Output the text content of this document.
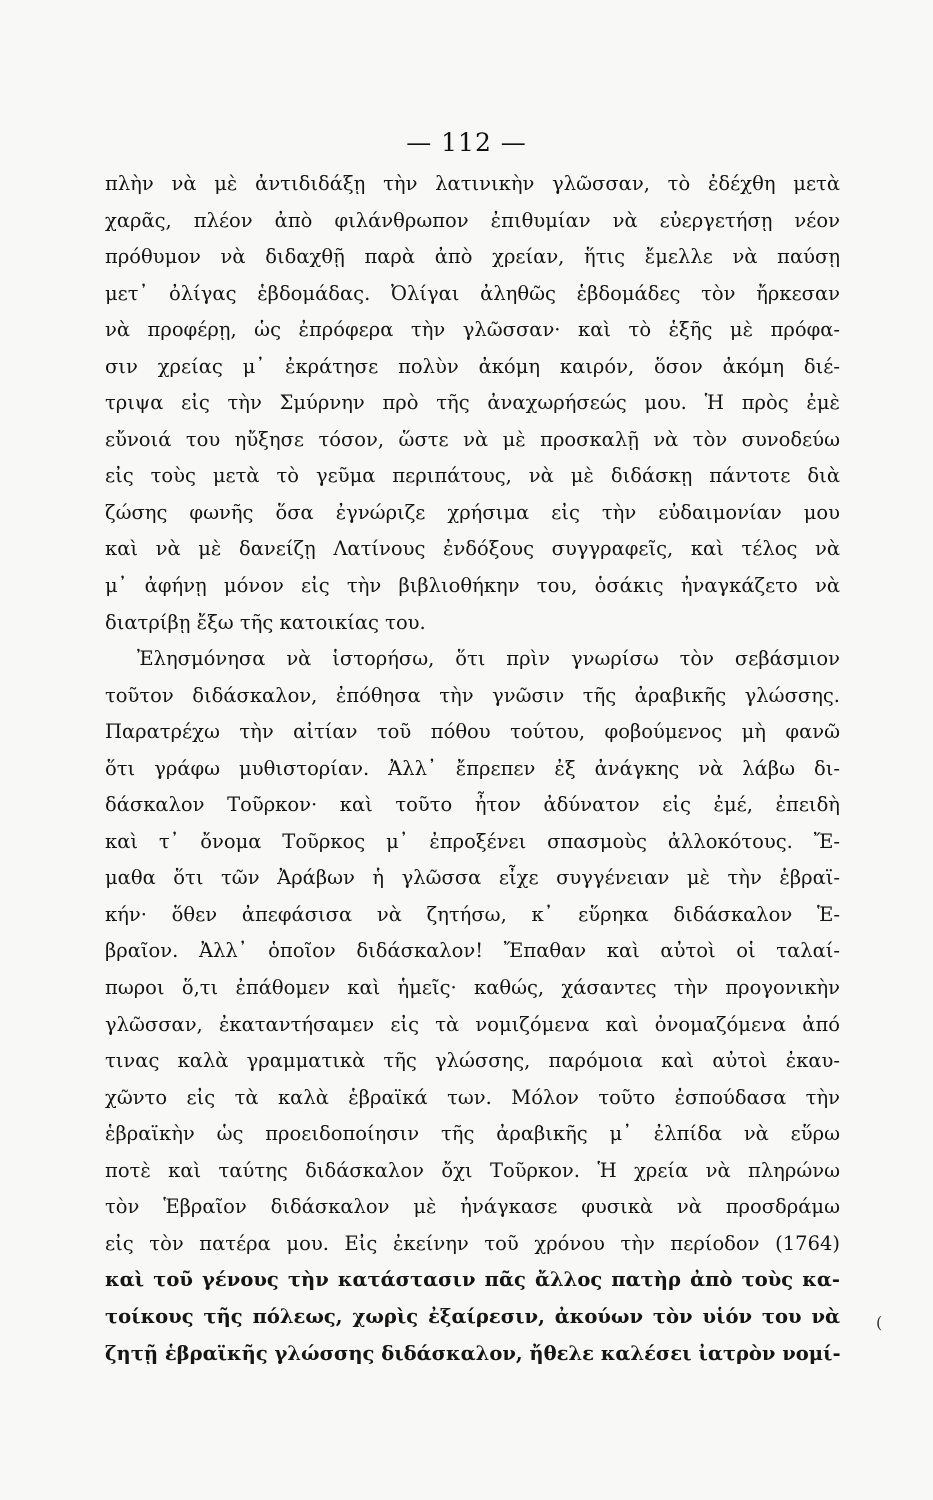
— 112 —
πλὴν νὰ μὲ ἀντιδιδάξῃ τὴν λατινικὴν γλῶσσαν, τὸ ἐδέχθη μετὰ
χαρᾶς, πλέον ἀπὸ φιλάνθρωπον ἐπιθυμίαν νὰ εὐεργετήσῃ νέον
πρόθυμον νὰ διδαχθῇ παρὰ ἀπὸ χρείαν, ἥτις ἔμελλε νὰ παύσῃ
μετ᾽ ὀλίγας ἑβδομάδας. Ὀλίγαι ἀληθῶς ἑβδομάδες τὸν ἤρκεσαν
νὰ προφέρῃ, ὡς ἐπρόφερα τὴν γλῶσσαν· καὶ τὸ ἑξῆς μὲ πρόφα-
σιν χρείας μ᾽ ἐκράτησε πολὺν ἀκόμη καιρόν, ὅσον ἀκόμη διέ-
τριψα εἰς τὴν Σμύρνην πρὸ τῆς ἀναχωρήσεώς μου. Ἡ πρὸς ἐμὲ
εὔνοιά του ηὔξησε τόσον, ὥστε νὰ μὲ προσκαλῇ νὰ τὸν συνοδεύω
εἰς τοὺς μετὰ τὸ γεῦμα περιπάτους, νὰ μὲ διδάσκῃ πάντοτε διὰ
ζώσης φωνῆς ὅσα ἐγνώριζε χρήσιμα εἰς τὴν εὐδαιμονίαν μου
καὶ νὰ μὲ δανείζῃ Λατίνους ἐνδόξους συγγραφεῖς, καὶ τέλος νὰ
μ᾽ ἀφήνῃ μόνον εἰς τὴν βιβλιοθήκην του, ὁσάκις ἠναγκάζετο νὰ
διατρίβῃ ἔξω τῆς κατοικίας του.
Ἐλησμόνησα νὰ ἱστορήσω, ὅτι πρὶν γνωρίσω τὸν σεβάσμιον
τοῦτον διδάσκαλον, ἐπόθησα τὴν γνῶσιν τῆς ἀραβικῆς γλώσσης.
Παρατρέχω τὴν αἰτίαν τοῦ πόθου τούτου, φοβούμενος μὴ φανῶ
ὅτι γράφω μυθιστορίαν. Ἀλλ᾽ ἔπρεπεν ἐξ ἀνάγκης νὰ λάβω δι-
δάσκαλον Τοῦρκον· καὶ τοῦτο ἦτον ἀδύνατον εἰς ἐμέ, ἐπειδὴ
καὶ τ᾽ ὄνομα Τοῦρκος μ᾽ ἐπροξένει σπασμοὺς ἀλλοκότους. Ἔ-
μαθα ὅτι τῶν Ἀράβων ἡ γλῶσσα εἶχε συγγένειαν μὲ τὴν ἑβραϊ-
κήν· ὅθεν ἀπεφάσισα νὰ ζητήσω, κ᾽ εὕρηκα διδάσκαλον Ἑ-
βραῖον. Ἀλλ᾽ ὁποῖον διδάσκαλον! Ἔπαθαν καὶ αὐτοὶ οἱ ταλαί-
πωροι ὅ,τι ἐπάθομεν καὶ ἡμεῖς· καθώς, χάσαντες τὴν προγονικὴν
γλῶσσαν, ἐκαταντήσαμεν εἰς τὰ νομιζόμενα καὶ ὀνομαζόμενα ἀπό
τινας καλὰ γραμματικὰ τῆς γλώσσης, παρόμοια καὶ αὐτοὶ ἐκαυ-
χῶντο εἰς τὰ καλὰ ἑβραϊκά των. Μόλον τοῦτο ἐσπούδασα τὴν
ἑβραϊκὴν ὡς προειδοποίησιν τῆς ἀραβικῆς μ᾽ ἐλπίδα νὰ εὕρω
ποτὲ καὶ ταύτης διδάσκαλον ὄχι Τοῦρκον. Ἡ χρεία νὰ πληρώνω
τὸν Ἑβραῖον διδάσκαλον μὲ ἠνάγκασε φυσικὰ νὰ προσδράμω
εἰς τὸν πατέρα μου. Εἰς ἐκείνην τοῦ χρόνου τὴν περίοδον (1764)
καὶ τοῦ γένους τὴν κατάστασιν πᾶς ἄλλος πατὴρ ἀπὸ τοὺς κα-
τοίκους τῆς πόλεως, χωρὶς ἐξαίρεσιν, ἀκούων τὸν υἱόν του νὰ
ζητῇ ἑβραϊκῆς γλώσσης διδάσκαλον, ἤθελε καλέσει ἰατρὸν νομί-
(
